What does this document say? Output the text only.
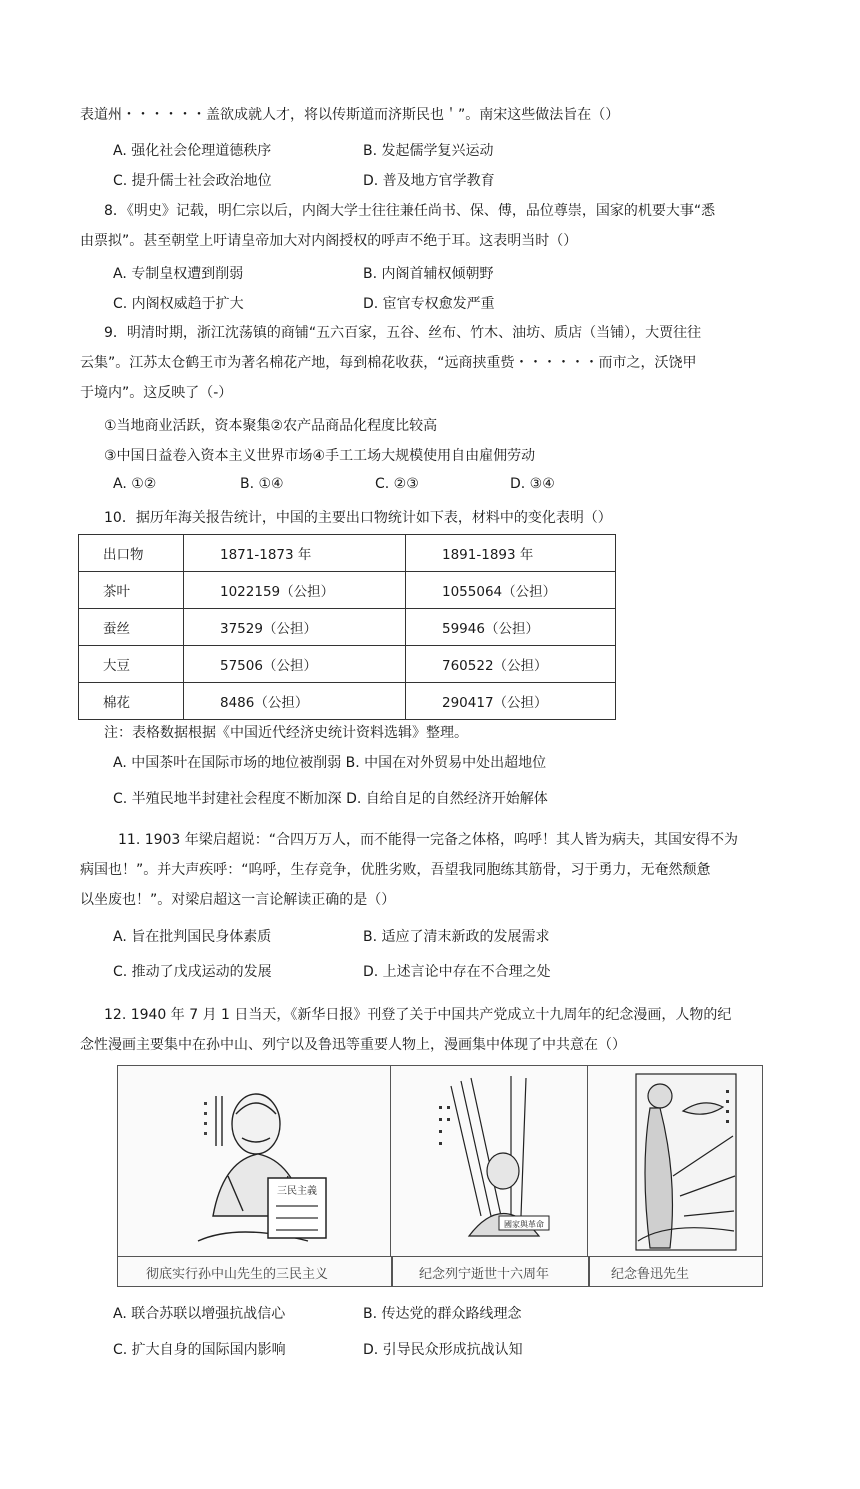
表道州・・・・・・盖欲成就人才，将以传斯道而济斯民也＇”。南宋这些做法旨在（）
A. 强化社会伦理道德秩序	B. 发起儒学复兴运动
C. 提升儒士社会政治地位	D. 普及地方官学教育
8．《明史》记载，明仁宗以后，内阁大学士往往兼任尚书、保、傅，品位尊崇，国家的机要大事“悉
由票拟”。甚至朝堂上吁请皇帝加大对内阁授权的呼声不绝于耳。这表明当时（）
A. 专制皇权遭到削弱	B. 内阁首辅权倾朝野
C. 内阁权威趋于扩大	D. 宦官专权愈发严重
9．明清时期，浙江沈荡镇的商铺“五六百家，五谷、丝布、竹木、油坊、质店（当铺），大贾往往
云集”。江苏太仓鹤王市为著名棉花产地，每到棉花收获，“远商挟重赀・・・・・・而市之，沃饶甲
于境内”。这反映了（-）
①当地商业活跃，资本聚集②农产品商品化程度比较高
③中国日益卷入资本主义世界市场④手工工场大规模使用自由雇佣劳动
A. ①②	B. ①④	C. ②③	D. ③④
10．据历年海关报告统计，中国的主要出口物统计如下表，材料中的变化表明（）
出口物	1871-1873 年	1891-1893 年
茶叶	1022159（公担）	1055064（公担）
蚕丝	37529（公担）	59946（公担）
大豆	57506（公担）	760522（公担）
棉花	8486（公担）	290417（公担）
注：表格数据根据《中国近代经济史统计资料选辑》整理。
A. 中国茶叶在国际市场的地位被削弱 B. 中国在对外贸易中处出超地位
C. 半殖民地半封建社会程度不断加深 D. 自给自足的自然经济开始解体
11. 1903 年梁启超说：“合四万万人，而不能得一完备之体格，呜呼！其人皆为病夫，其国安得不为
病国也！”。并大声疾呼：“呜呼，生存竞争，优胜劣败，吾望我同胞练其筋骨，习于勇力，无奄然颓惫
以坐废也！”。对梁启超这一言论解读正确的是（）
A. 旨在批判国民身体素质	B. 适应了清末新政的发展需求
C. 推动了戊戌运动的发展	D. 上述言论中存在不合理之处
12. 1940 年 7 月 1 日当天，《新华日报》刊登了关于中国共产党成立十九周年的纪念漫画，人物的纪
念性漫画主要集中在孙中山、列宁以及鲁迅等重要人物上，漫画集中体现了中共意在（）
三民主義
國家與革命
彻底实行孙中山先生的三民主义	纪念列宁逝世十六周年	纪念鲁迅先生
A. 联合苏联以增强抗战信心	B. 传达党的群众路线理念
C. 扩大自身的国际国内影响	D. 引导民众形成抗战认知
